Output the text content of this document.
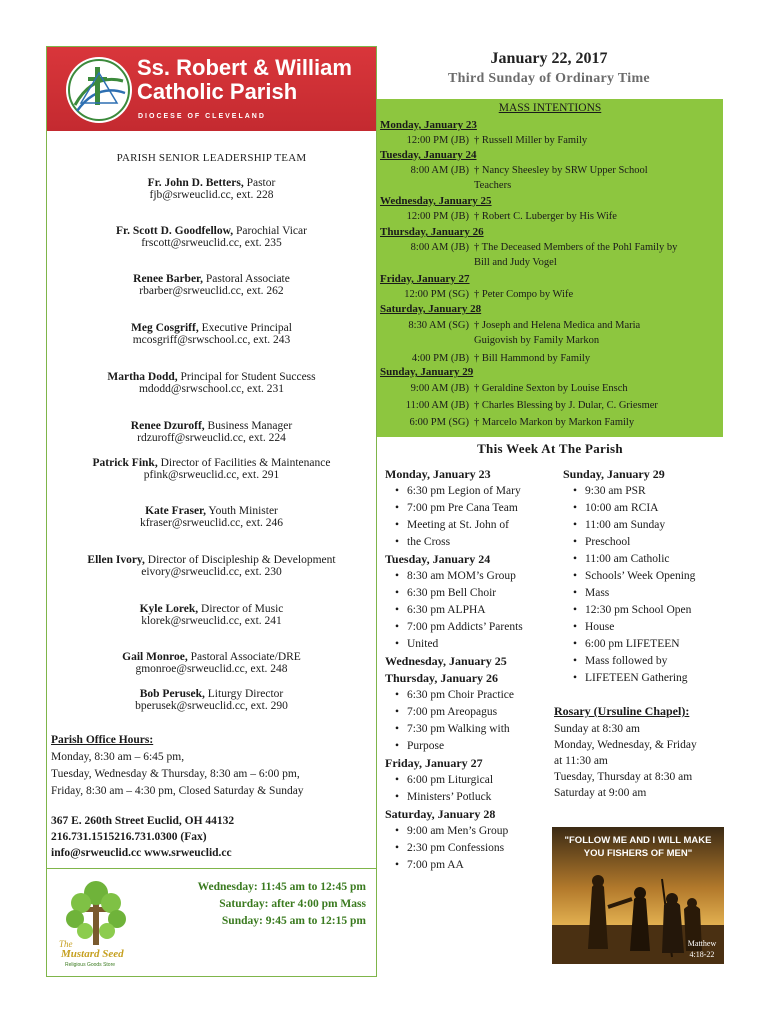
Ss. Robert & William
Catholic Parish
DIOCESE OF CLEVELAND
PARISH SENIOR LEADERSHIP TEAM
Fr. John D. Betters, Pastor
fjb@srweuclid.cc, ext. 228
Fr. Scott D. Goodfellow, Parochial Vicar
frscott@srweuclid.cc, ext. 235
Renee Barber, Pastoral Associate
rbarber@srweuclid.cc, ext. 262
Meg Cosgriff, Executive Principal
mcosgriff@srwschool.cc, ext. 243
Martha Dodd, Principal for Student Success
mdodd@srwschool.cc, ext. 231
Renee Dzuroff, Business Manager
rdzuroff@srweuclid.cc, ext. 224
Patrick Fink, Director of Facilities & Maintenance
pfink@srweuclid.cc, ext. 291
Kate Fraser, Youth Minister
kfraser@srweuclid.cc, ext. 246
Ellen Ivory, Director of Discipleship & Development
eivory@srweuclid.cc, ext. 230
Kyle Lorek, Director of Music
klorek@srweuclid.cc, ext. 241
Gail Monroe, Pastoral Associate/DRE
gmonroe@srweuclid.cc, ext. 248
Bob Perusek, Liturgy Director
bperusek@srweuclid.cc, ext. 290
Parish Office Hours:
Monday, 8:30 am – 6:45 pm,
Tuesday, Wednesday & Thursday, 8:30 am – 6:00 pm,
Friday, 8:30 am – 4:30 pm, Closed Saturday & Sunday
367 E. 260th Street Euclid, OH 44132
216.731.1515216.731.0300 (Fax)
info@srweuclid.cc www.srweuclid.cc
The
Mustard Seed
Religious Goods Store
Wednesday: 11:45 am to 12:45 pm
Saturday: after 4:00 pm Mass
Sunday: 9:45 am to 12:15 pm
January 22, 2017
Third Sunday of Ordinary Time
MASS INTENTIONS
Monday, January 23
12:00 PM (JB) † Russell Miller by Family
Tuesday, January 24
8:00 AM (JB) † Nancy Sheesley by SRW Upper School
Teachers
Wednesday, January 25
12:00 PM (JB) † Robert C. Luberger by His Wife
Thursday, January 26
8:00 AM (JB) † The Deceased Members of the Pohl Family by
Bill and Judy Vogel
Friday, January 27
12:00 PM (SG) † Peter Compo by Wife
Saturday, January 28
8:30 AM (SG) † Joseph and Helena Medica and Maria
Guigovish by Family Markon
4:00 PM (JB) † Bill Hammond by Family
Sunday, January 29
9:00 AM (JB) † Geraldine Sexton by Louise Ensch
11:00 AM (JB) † Charles Blessing by J. Dular, C. Griesmer
6:00 PM (SG) † Marcelo Markon by Markon Family
This Week At The Parish
Monday, January 23
• 6:30 pm Legion of Mary
• 7:00 pm Pre Cana Team
• Meeting at St. John of
• the Cross
Tuesday, January 24
• 8:30 am MOM’s Group
• 6:30 pm Bell Choir
• 6:30 pm ALPHA
• 7:00 pm Addicts’ Parents
• United
Wednesday, January 25
Thursday, January 26
• 6:30 pm Choir Practice
• 7:00 pm Areopagus
• 7:30 pm Walking with
• Purpose
Friday, January 27
• 6:00 pm Liturgical
• Ministers’ Potluck
Saturday, January 28
• 9:00 am Men’s Group
• 2:30 pm Confessions
• 7:00 pm AA
Sunday, January 29
• 9:30 am PSR
• 10:00 am RCIA
• 11:00 am Sunday
• Preschool
• 11:00 am Catholic
• Schools’ Week Opening
• Mass
• 12:30 pm School Open
• House
• 6:00 pm LIFETEEN
• Mass followed by
• LIFETEEN Gathering
Rosary (Ursuline Chapel):
Sunday at 8:30 am
Monday, Wednesday, & Friday
at 11:30 am
Tuesday, Thursday at 8:30 am
Saturday at 9:00 am
"FOLLOW ME AND I WILL MAKE
YOU FISHERS OF MEN"
Matthew
4:18-22
